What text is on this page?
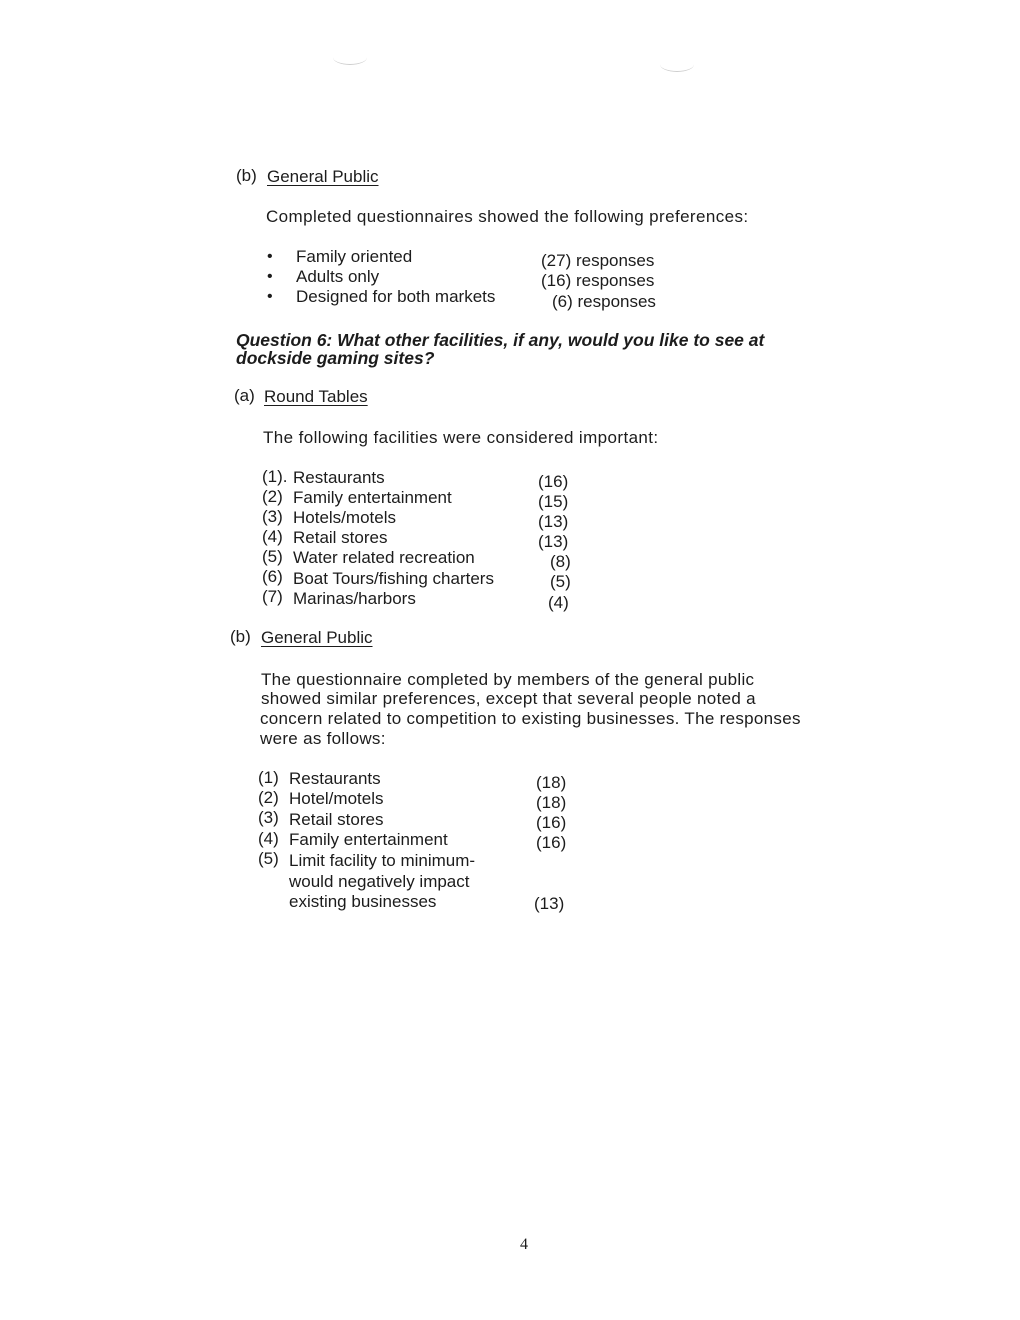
(b) General Public
Completed questionnaires showed the following preferences:
• Family oriented	(27) responses
• Adults only	(16) responses
• Designed for both markets	(6) responses
Question 6: What other facilities, if any, would you like to see at
dockside gaming sites?
(a) Round Tables
The following facilities were considered important:
(1). Restaurants	(16)
(2) Family entertainment	(15)
(3) Hotels/motels	(13)
(4) Retail stores	(13)
(5) Water related recreation	(8)
(6) Boat Tours/fishing charters	(5)
(7) Marinas/harbors	(4)
(b) General Public
The questionnaire completed by members of the general public
showed similar preferences, except that several people noted a
concern related to competition to existing businesses. The responses
were as follows:
(1) Restaurants	(18)
(2) Hotel/motels	(18)
(3) Retail stores	(16)
(4) Family entertainment	(16)
(5) Limit facility to minimum-
would negatively impact
existing businesses	(13)
4
